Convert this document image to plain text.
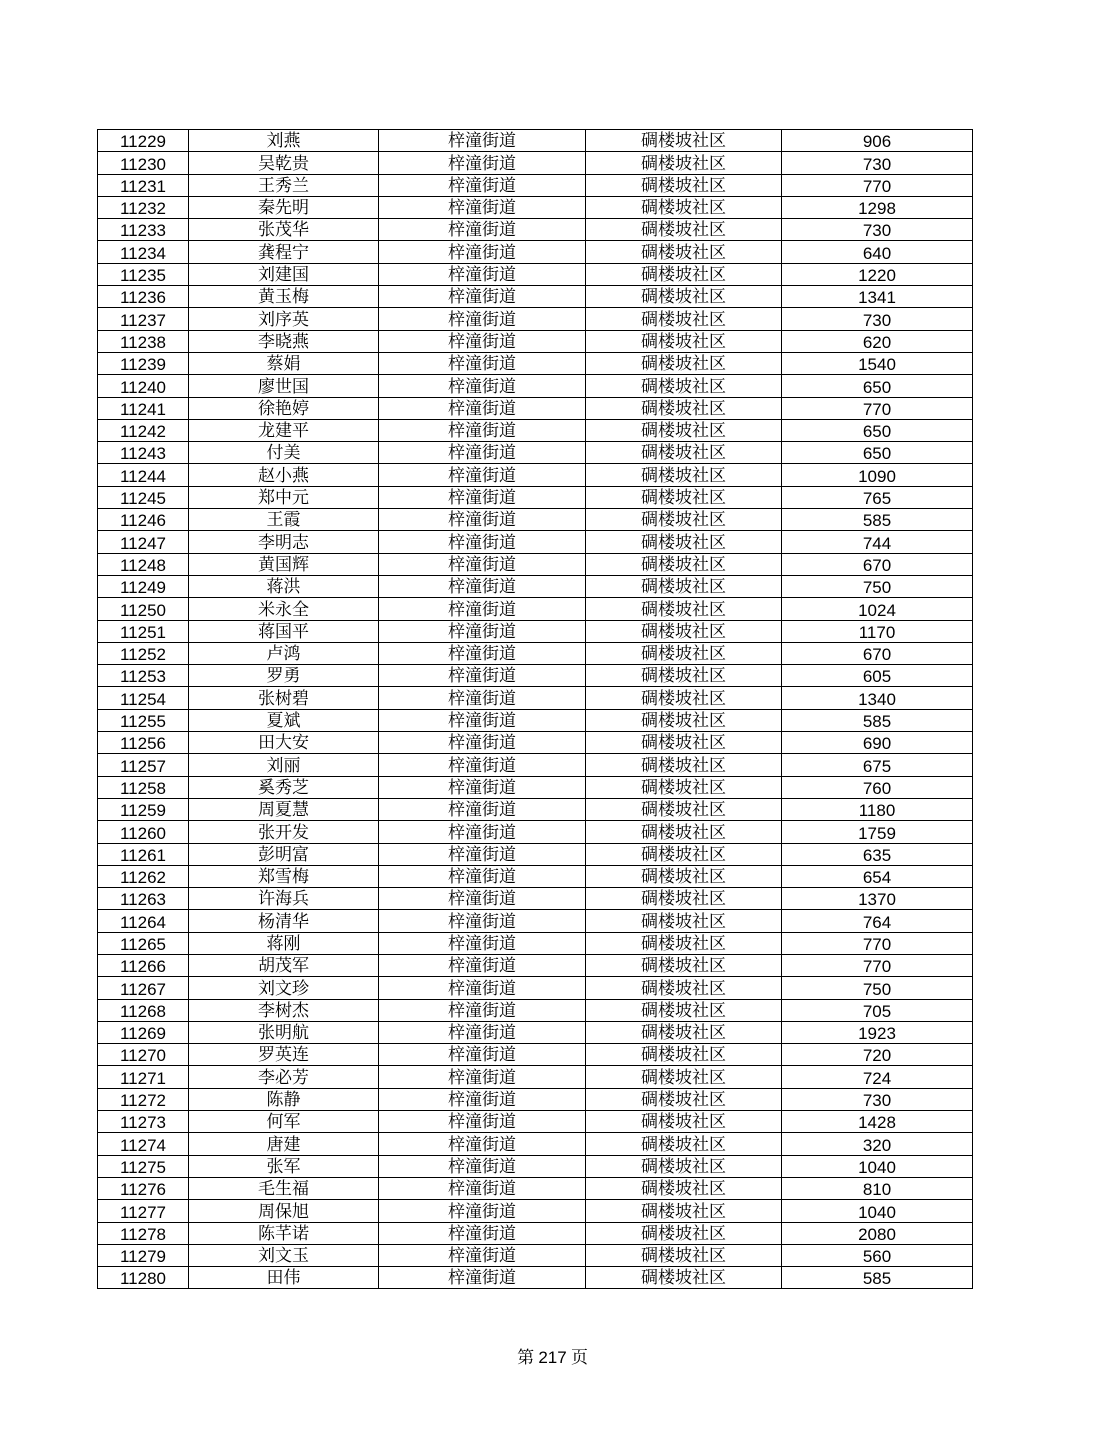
11229	刘燕	梓潼街道	碉楼坡社区	906
11230	吴乾贵	梓潼街道	碉楼坡社区	730
11231	王秀兰	梓潼街道	碉楼坡社区	770
11232	秦先明	梓潼街道	碉楼坡社区	1298
11233	张茂华	梓潼街道	碉楼坡社区	730
11234	龚程宁	梓潼街道	碉楼坡社区	640
11235	刘建国	梓潼街道	碉楼坡社区	1220
11236	黄玉梅	梓潼街道	碉楼坡社区	1341
11237	刘序英	梓潼街道	碉楼坡社区	730
11238	李晓燕	梓潼街道	碉楼坡社区	620
11239	蔡娟	梓潼街道	碉楼坡社区	1540
11240	廖世国	梓潼街道	碉楼坡社区	650
11241	徐艳婷	梓潼街道	碉楼坡社区	770
11242	龙建平	梓潼街道	碉楼坡社区	650
11243	付美	梓潼街道	碉楼坡社区	650
11244	赵小燕	梓潼街道	碉楼坡社区	1090
11245	郑中元	梓潼街道	碉楼坡社区	765
11246	王霞	梓潼街道	碉楼坡社区	585
11247	李明志	梓潼街道	碉楼坡社区	744
11248	黄国辉	梓潼街道	碉楼坡社区	670
11249	蒋洪	梓潼街道	碉楼坡社区	750
11250	米永全	梓潼街道	碉楼坡社区	1024
11251	蒋国平	梓潼街道	碉楼坡社区	1170
11252	卢鸿	梓潼街道	碉楼坡社区	670
11253	罗勇	梓潼街道	碉楼坡社区	605
11254	张树碧	梓潼街道	碉楼坡社区	1340
11255	夏斌	梓潼街道	碉楼坡社区	585
11256	田大安	梓潼街道	碉楼坡社区	690
11257	刘丽	梓潼街道	碉楼坡社区	675
11258	奚秀芝	梓潼街道	碉楼坡社区	760
11259	周夏慧	梓潼街道	碉楼坡社区	1180
11260	张开发	梓潼街道	碉楼坡社区	1759
11261	彭明富	梓潼街道	碉楼坡社区	635
11262	郑雪梅	梓潼街道	碉楼坡社区	654
11263	许海兵	梓潼街道	碉楼坡社区	1370
11264	杨清华	梓潼街道	碉楼坡社区	764
11265	蒋刚	梓潼街道	碉楼坡社区	770
11266	胡茂军	梓潼街道	碉楼坡社区	770
11267	刘文珍	梓潼街道	碉楼坡社区	750
11268	李树杰	梓潼街道	碉楼坡社区	705
11269	张明航	梓潼街道	碉楼坡社区	1923
11270	罗英连	梓潼街道	碉楼坡社区	720
11271	李必芳	梓潼街道	碉楼坡社区	724
11272	陈静	梓潼街道	碉楼坡社区	730
11273	何军	梓潼街道	碉楼坡社区	1428
11274	唐建	梓潼街道	碉楼坡社区	320
11275	张军	梓潼街道	碉楼坡社区	1040
11276	毛生福	梓潼街道	碉楼坡社区	810
11277	周保旭	梓潼街道	碉楼坡社区	1040
11278	陈芊诺	梓潼街道	碉楼坡社区	2080
11279	刘文玉	梓潼街道	碉楼坡社区	560
11280	田伟	梓潼街道	碉楼坡社区	585
第 217 页
